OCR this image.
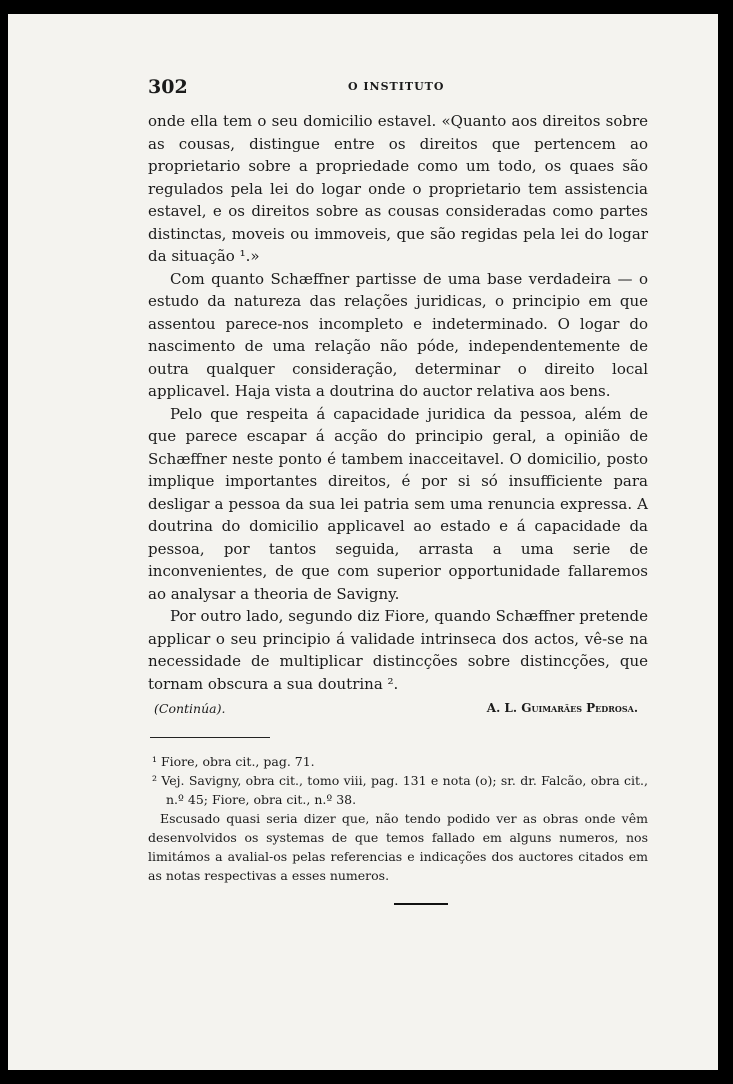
302	O INSTITUTO

onde ella tem o seu domicilio estavel. «Quanto aos direitos sobre as cousas, distingue entre os direitos que pertencem ao proprietario sobre a propriedade como um todo, os quaes são regulados pela lei do logar onde o proprietario tem assistencia estavel, e os direitos sobre as cousas consideradas como partes distinctas, moveis ou immoveis, que são regidas pela lei do logar da situação ¹.»

Com quanto Schæffner partisse de uma base verdadeira — o estudo da natureza das relações juridicas, o principio em que assentou parece-nos incompleto e indeterminado. O logar do nascimento de uma relação não póde, independentemente de outra qualquer consideração, determinar o direito local applicavel. Haja vista a doutrina do auctor relativa aos bens.

Pelo que respeita á capacidade juridica da pessoa, além de que parece escapar á acção do principio geral, a opinião de Schæffner neste ponto é tambem inacceitavel. O domicilio, posto implique importantes direitos, é por si só insufficiente para desligar a pessoa da sua lei patria sem uma renuncia expressa. A doutrina do domicilio applicavel ao estado e á capacidade da pessoa, por tantos seguida, arrasta a uma serie de inconvenientes, de que com superior opportunidade fallaremos ao analysar a theoria de Savigny.

Por outro lado, segundo diz Fiore, quando Schæffner pretende applicar o seu principio á validade intrinseca dos actos, vê-se na necessidade de multiplicar distincções sobre distincções, que tornam obscura a sua doutrina ².

(Continúa).	A. L. Guimarães Pedrosa.

¹ Fiore, obra cit., pag. 71.

² Vej. Savigny, obra cit., tomo viii, pag. 131 e nota (o); sr. dr. Falcão, obra cit., n.º 45; Fiore, obra cit., n.º 38.

Escusado quasi seria dizer que, não tendo podido ver as obras onde vêm desenvolvidos os systemas de que temos fallado em alguns numeros, nos limitámos a avalial-os pelas referencias e indicações dos auctores citados em as notas respectivas a esses numeros.
